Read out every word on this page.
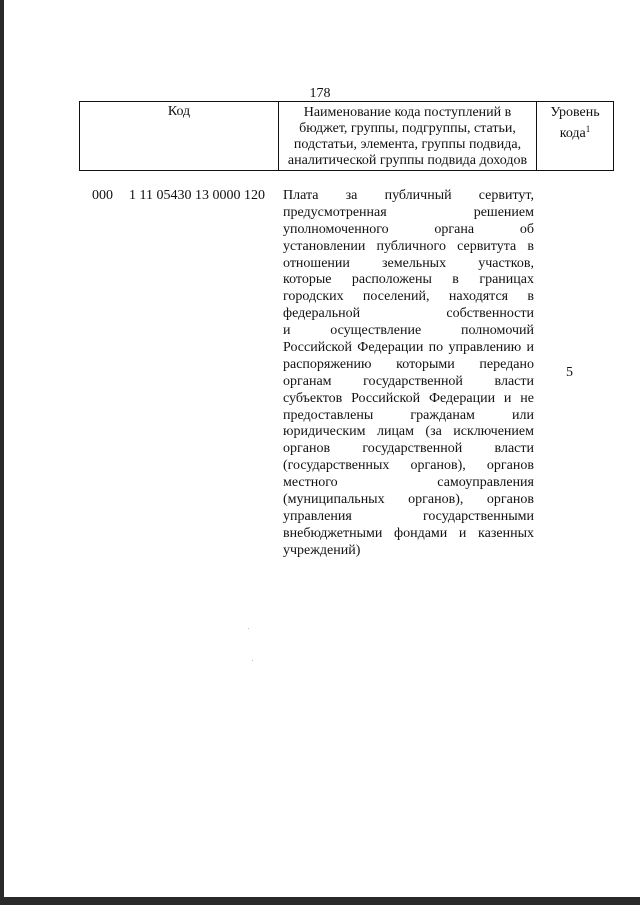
178
Код	Наименование кода поступлений в
бюджет, группы, подгруппы, статьи,
подстатьи, элемента, группы подвида,
аналитической группы подвида доходов
Уровень
кода$^1$
000 1 11 05430 13 0000 120 Плата за публичный сервитут,
предусмотренная решением
уполномоченного органа об
установлении публичного сервитута в
отношении земельных участков,
которые расположены в границах
городских поселений, находятся в
федеральной собственности
и осуществление полномочий
Российской Федерации по управлению и
распоряжению которыми передано
органам государственной власти
субъектов Российской Федерации и не
предоставлены гражданам или
юридическим лицам (за исключением
органов государственной власти
(государственных органов), органов
местного самоуправления
(муниципальных органов), органов
управления государственными
внебюджетными фондами и казенных
учреждений)
5
